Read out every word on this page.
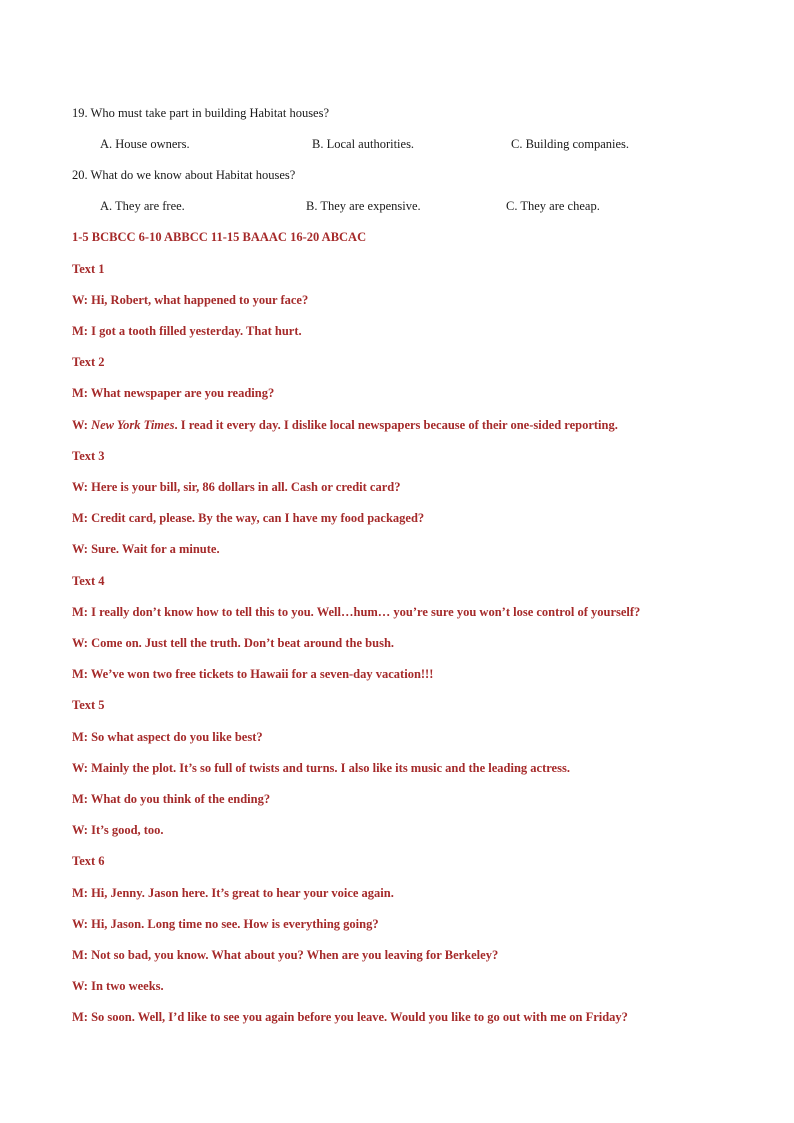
19. Who must take part in building Habitat houses?
A. House owners.	B. Local authorities.	C. Building companies.
20. What do we know about Habitat houses?
A. They are free.	B. They are expensive.	C. They are cheap.
1-5 BCBCC 6-10 ABBCC 11-15 BAAAC 16-20 ABCAC
Text 1
W: Hi, Robert, what happened to your face?
M: I got a tooth filled yesterday. That hurt.
Text 2
M: What newspaper are you reading?
W: New York Times. I read it every day. I dislike local newspapers because of their one-sided reporting.
Text 3
W: Here is your bill, sir, 86 dollars in all. Cash or credit card?
M: Credit card, please. By the way, can I have my food packaged?
W: Sure. Wait for a minute.
Text 4
M: I really don’t know how to tell this to you. Well…hum… you’re sure you won’t lose control of yourself?
W: Come on. Just tell the truth. Don’t beat around the bush.
M: We’ve won two free tickets to Hawaii for a seven-day vacation!!!
Text 5
M: So what aspect do you like best?
W: Mainly the plot. It’s so full of twists and turns. I also like its music and the leading actress.
M: What do you think of the ending?
W: It’s good, too.
Text 6
M: Hi, Jenny. Jason here. It’s great to hear your voice again.
W: Hi, Jason. Long time no see. How is everything going?
M: Not so bad, you know. What about you? When are you leaving for Berkeley?
W: In two weeks.
M: So soon. Well, I’d like to see you again before you leave. Would you like to go out with me on Friday?
